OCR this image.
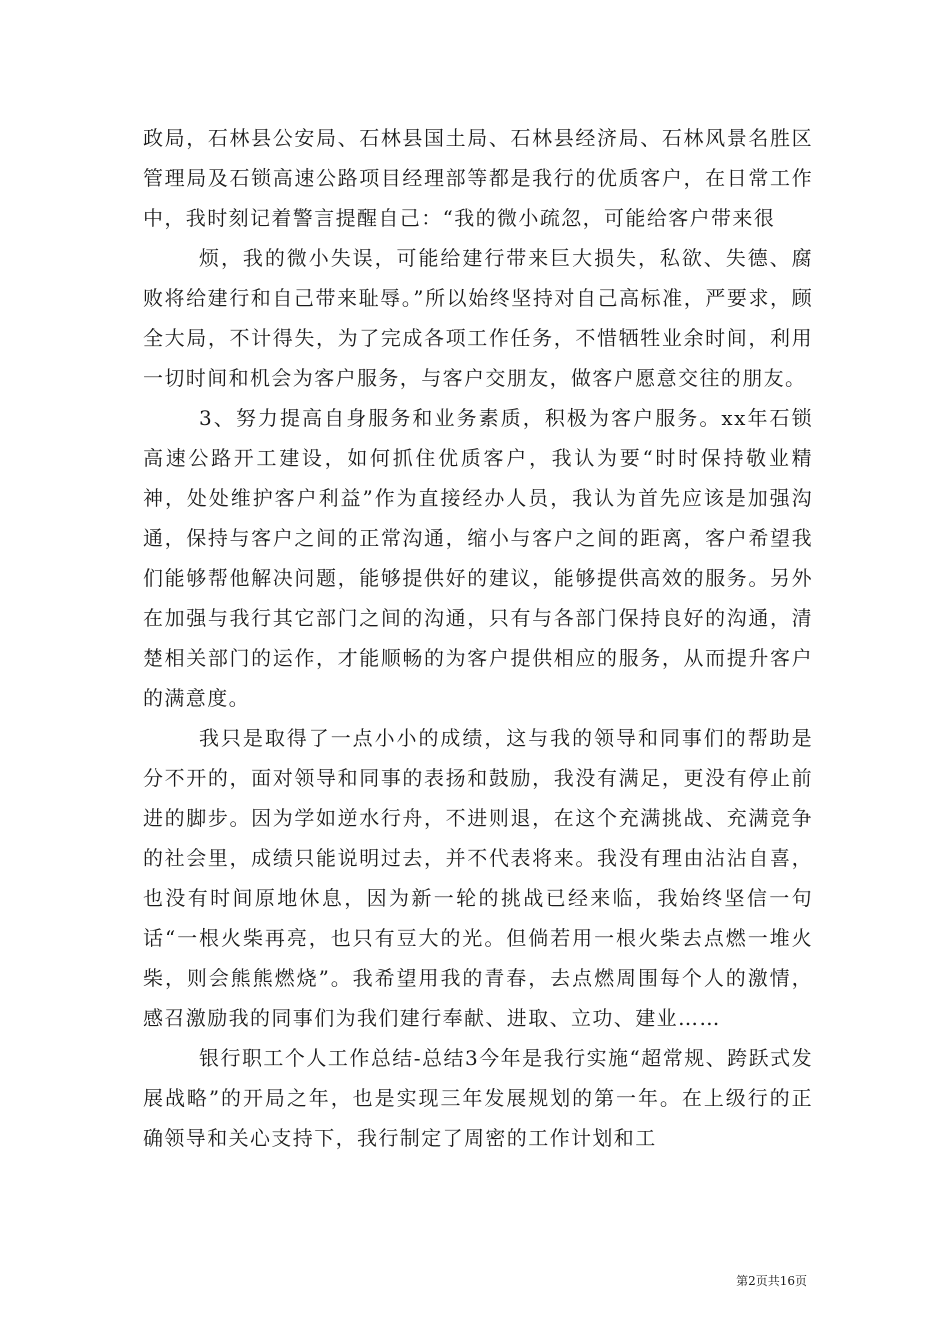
政局，石林县公安局、石林县国土局、石林县经济局、石林风景名胜区管理局及石锁高速公路项目经理部等都是我行的优质客户，在日常工作中，我时刻记着警言提醒自己：“我的微小疏忽，可能给客户带来很

烦，我的微小失误，可能给建行带来巨大损失，私欲、失德、腐败将给建行和自己带来耻辱。”所以始终坚持对自己高标准，严要求，顾全大局，不计得失，为了完成各项工作任务，不惜牺牲业余时间，利用一切时间和机会为客户服务，与客户交朋友，做客户愿意交往的朋友。

3、努力提高自身服务和业务素质，积极为客户服务。xx年石锁高速公路开工建设，如何抓住优质客户，我认为要“时时保持敬业精神，处处维护客户利益”作为直接经办人员，我认为首先应该是加强沟通，保持与客户之间的正常沟通，缩小与客户之间的距离，客户希望我们能够帮他解决问题，能够提供好的建议，能够提供高效的服务。另外在加强与我行其它部门之间的沟通，只有与各部门保持良好的沟通，清楚相关部门的运作，才能顺畅的为客户提供相应的服务，从而提升客户的满意度。

我只是取得了一点小小的成绩，这与我的领导和同事们的帮助是分不开的，面对领导和同事的表扬和鼓励，我没有满足，更没有停止前进的脚步。因为学如逆水行舟，不进则退，在这个充满挑战、充满竞争的社会里，成绩只能说明过去，并不代表将来。我没有理由沾沾自喜，也没有时间原地休息，因为新一轮的挑战已经来临，我始终坚信一句话“一根火柴再亮，也只有豆大的光。但倘若用一根火柴去点燃一堆火柴，则会熊熊燃烧”。我希望用我的青春，去点燃周围每个人的激情，感召激励我的同事们为我们建行奉献、进取、立功、建业……

银行职工个人工作总结-总结3今年是我行实施“超常规、跨跃式发展战略”的开局之年，也是实现三年发展规划的第一年。在上级行的正确领导和关心支持下，我行制定了周密的工作计划和工

第2页共16页
